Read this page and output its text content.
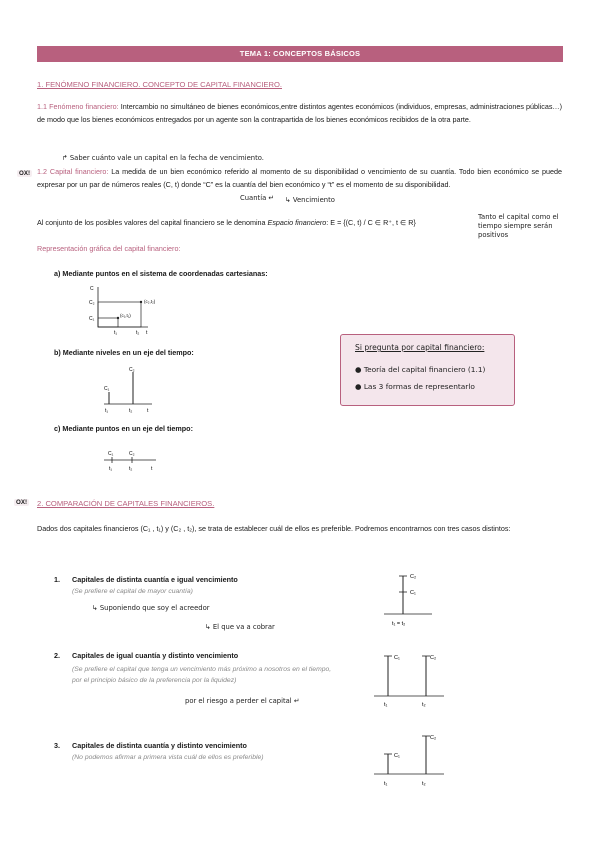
TEMA 1: CONCEPTOS BÁSICOS
1. FENÓMENO FINANCIERO. CONCEPTO DE CAPITAL FINANCIERO.
1.1 Fenómeno financiero: Intercambio no simultáneo de bienes económicos,entre distintos agentes económicos (individuos, empresas, administraciones públicas…) de modo que los bienes económicos entregados por un agente son la contrapartida de los bienes económicos recibidos de la otra parte.
↱ Saber cuánto vale un capital en la fecha de vencimiento.
OX! 1.2 Capital financiero: La medida de un bien económico referido al momento de su disponibilidad o vencimiento de su cuantía. Todo bien económico se puede expresar por un par de números reales (C, t) donde “C” es la cuantía del bien económico y “t” es el momento de su disponibilidad.
Cuantía ↵ ↳ Vencimiento
Al conjunto de los posibles valores del capital financiero se le denomina Espacio financiero: E = {(C, t) / C ∈ R⁺, t ∈ R}
Tanto el capital como el tiempo siempre serán positivos
Representación gráfica del capital financiero:
a) Mediante puntos en el sistema de coordenadas cartesianas:
C
C₂
C₁
(c₁,t₁)
(c₂,t₂)
t₁	t₂ t
b) Mediante niveles en un eje del tiempo:
C₁
C₂
t₁	t₂	t
c) Mediante puntos en un eje del tiempo:
C₁	C₂
t₁	t₂	t
Si pregunta por capital financiero:
● Teoría del capital financiero (1.1)
● Las 3 formas de representarlo
OX! 2. COMPARACIÓN DE CAPITALES FINANCIEROS.
Dados dos capitales financieros (C₁ , t₁) y (C₂ , t₂), se trata de establecer cuál de ellos es preferible. Podremos encontrarnos con tres casos distintos:
1. Capitales de distinta cuantía e igual vencimiento
(Se prefiere el capital de mayor cuantía)
↳ Suponiendo que soy el acreedor
↳ El que va a cobrar
C₂
C₁
t₁ = t₂
2. Capitales de igual cuantía y distinto vencimiento
(Se prefiere el capital que tenga un vencimiento más próximo a nosotros en el tiempo, por el principio básico de la preferencia por la liquidez)
por el riesgo a perder el capital ↵
C₁	C₂
t₁	t₂
3. Capitales de distinta cuantía y distinto vencimiento
(No podemos afirmar a primera vista cuál de ellos es preferible)	C₁
C₂
t₁	t₂
